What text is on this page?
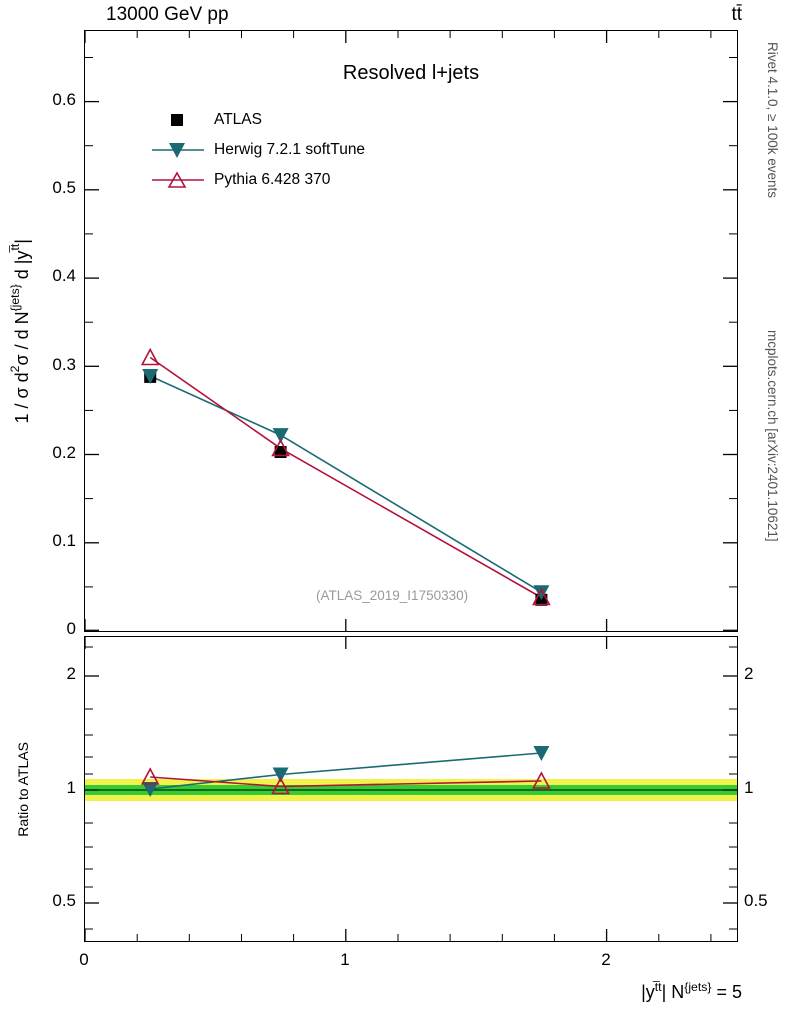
13000 GeV pp	tt̄
Rivet 4.1.0, ≥ 100k events
mcplots.cern.ch [arXiv:2401.10621]
1 / σ $d^2\sigma$ / d $N^{\{jets\}}$ d $|y^{t̅t}|$
Ratio to ATLAS
$|y^{t̅t}|$ $N^{\{jets\}} = 5$
0.6
0.5
0.4
0.3
0.2
0.1
0
Resolved l+jets
ATLAS
Herwig 7.2.1 softTune
Pythia 6.428 370
(ATLAS_2019_I1750330)
2
1
0.5
2
1
0.5
0	1	2
